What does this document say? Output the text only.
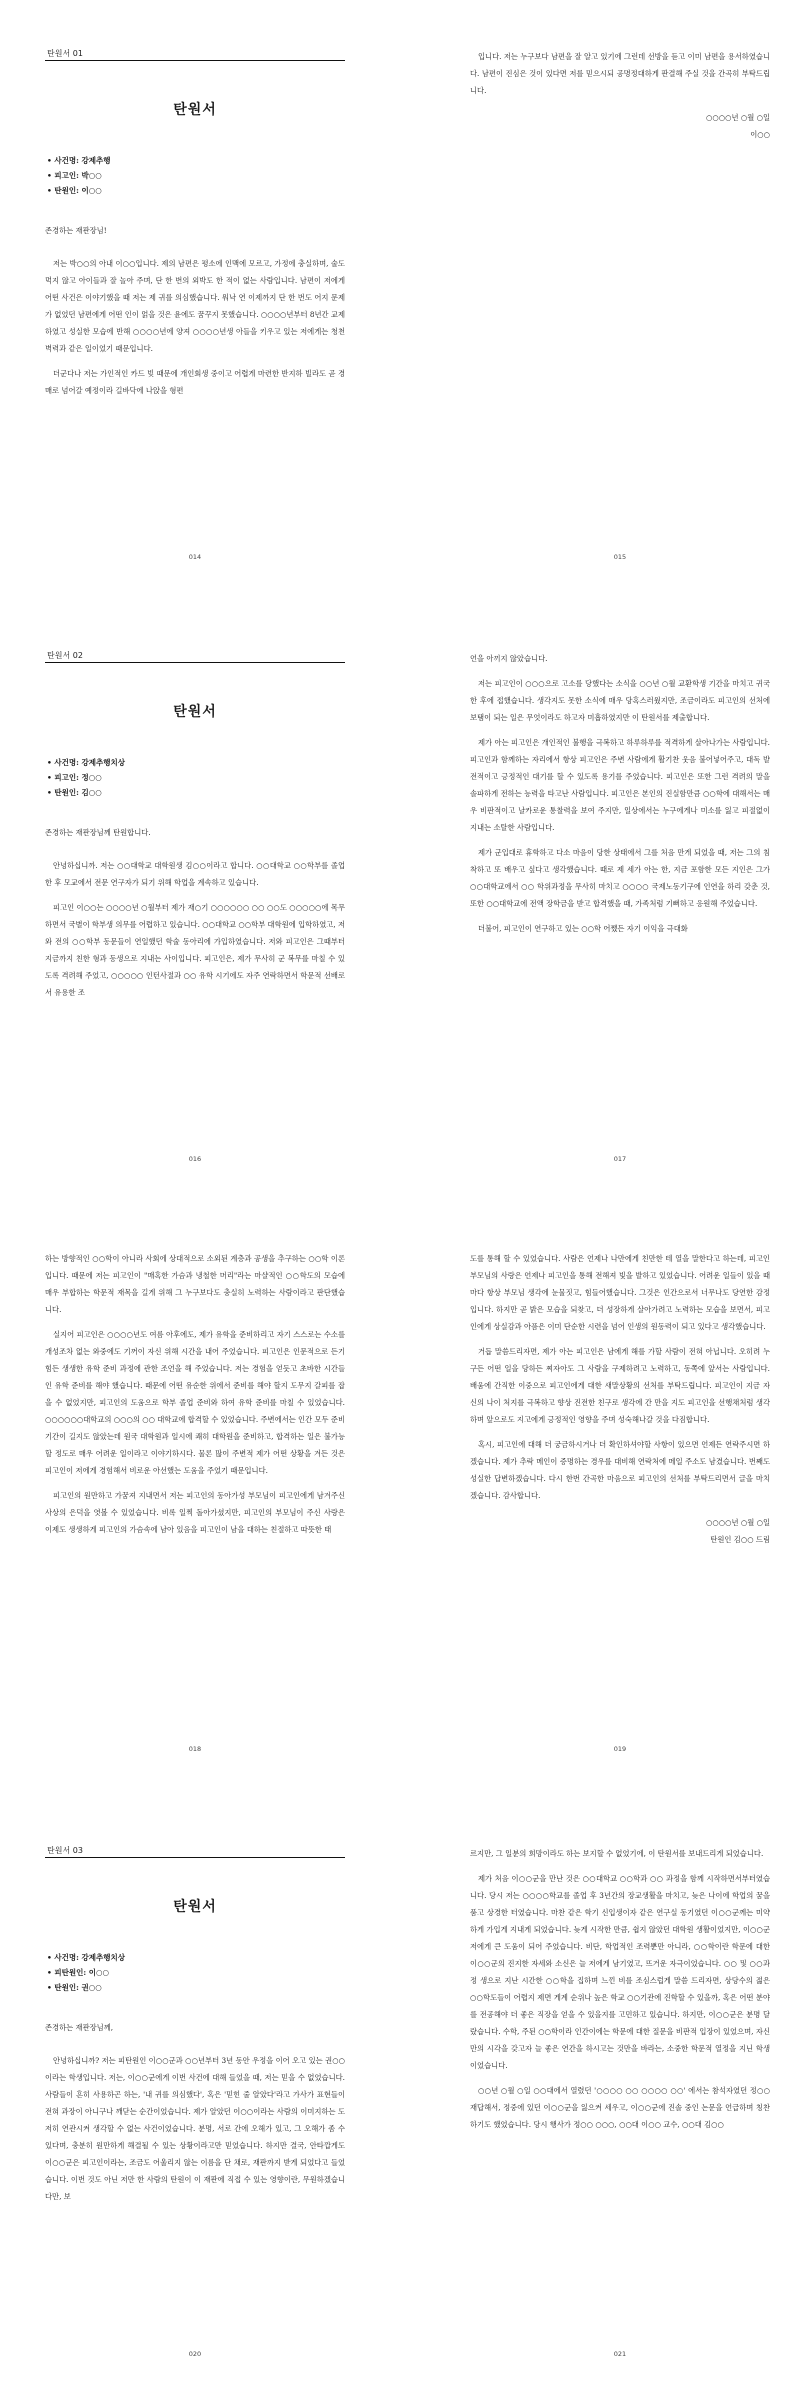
탄원서 01
탄원서
• 사건명: 강제추행
• 피고인: 박○○
• 탄원인: 이○○
존경하는 재판장님!

저는 박○○의 아내 이○○입니다. 제의 남편은 평소에 인맥에 모르고, 가정에 충실하며, 술도 먹지 않고 아이들과 잘 놀아 주며, 단 한 번의 외박도 한 적이 없는 사람입니다. 남편이 저에게 어떤 사건은 이야기했을 때 저는 제 귀를 의심했습니다. 워낙 연 이제까지 단 한 번도 어지 문제가 없었던 남편에게 어떤 인이 얽을 것은 윤에도 꿈꾸지 못했습니다. ○○○○년부터 8년간 교제하였고 성실한 모습에 반해 ○○○○년에 양져 ○○○○년생 아들을 키우고 있는 저에게는 청천벽력과 같은 일이었기 때문입니다.

더군다나 저는 가인적인 카드 빚 때문에 개인회생 중이고 어렵게 마련한 반지하 빌라도 곧 경매로 넘어갈 예정이라 길바닥에 나앉을 형편

014

입니다. 저는 누구보다 남편을 잘 알고 있기에 그런데 선방을 듣고 이미 남편을 용서하였습니다. 남편이 진심은 것이 있다면 저를 믿으시되 공명정대하게 판결해 주실 것을 간곡히 부탁드립니다.

○○○○년 ○월 ○일
이○○
015
탄원서 02
탄원서
• 사건명: 강제추행치상
• 피고인: 정○○
• 탄원인: 김○○
존경하는 재판장님께 탄원합니다.

안녕하십니까. 저는 ○○대학교 대학원생 김○○이라고 합니다. ○○대학교 ○○학부를 졸업한 후 모교에서 전문 연구자가 되기 위해 학업을 계속하고 있습니다.

피고인 이○○는 ○○○○년 ○월부터 제가 재○기 ○○○○○○ ○○ ○○도 ○○○○○에 목무하면서 국별이 학부생 의무를 어렵하고 있습니다. ○○대학교 ○○학부 대학원에 입학하였고, 저와 전의 ○○학부 동문들이 연일했던 학술 동아리에 가입하였습니다. 저와 피고인은 그때부터 지금까지 친한 형과 동생으로 지내는 사이입니다. 피고인은, 제가 무사히 군 복무를 마칠 수 있도록 격려해 주었고, ○○○○○ 인턴사절과 ○○ 유학 시기에도 자주 연락하면서 학문적 선배로서 유용한 조

016

언을 아끼지 않았습니다.

저는 피고인이 ○○○으로 고소를 당했다는 소식을 ○○년 ○월 교환학생 기간을 마치고 귀국한 후에 접했습니다. 생각지도 못한 소식에 매우 당혹스러웠지만, 조금이라도 피고인의 선처에 보탬이 되는 일은 무엇이라도 하고자 미흡하였지만 이 탄원서를 제출합니다.

제가 아는 피고인은 개인적인 불행을 극복하고 하루하루를 적격하게 살아나가는 사람입니다. 피고인과 함께하는 자리에서 항상 피고인은 주변 사람에게 활기찬 웃음 불어넣어주고, 대독 발전적이고 긍정적인 대기를 할 수 있도록 용기를 주었습니다. 피고인은 또한 그런 격려의 말을 솔파하게 전하는 능력을 타고난 사람입니다. 피고인은 본인의 진실함만큼 ○○학에 대해서는 매우 비판적이고 날카로운 통찰력을 보여 주지만, 일상에서는 누구에게나 미소를 잃고 피절없이 지내는 소탈한 사람입니다.

제가 군입대로 휴학하고 다소 마음이 당한 상태에서 그를 처음 만게 되었을 때, 저는 그의 침착하고 또 배우고 싶다고 생각했습니다. 때로 제 세가 아는 한, 지금 포함한 모든 지인은 그가 ○○대학교에서 ○○ 학위과정을 무사히 마치고 ○○○○ 국제노동기구에 인연을 하리 갖춘 것, 또한 ○○대학교에 전액 장학금을 받고 합격했을 때, 가족처럼 기뻐하고 응원해 주었습니다.

더불어, 피고인이 연구하고 있는 ○○학 어쨌든 자기 이익을 극대화

017

하는 방향적인 ○○학이 아니라 사회에 상대적으로 소외된 계층과 공생을 추구하는 ○○학 이론입니다. 때문에 저는 피고인이 "매혹한 가슴과 냉철한 머리"라는 마샬적인 ○○학도의 모습에 매우 부합하는 학문적 재목을 길게 위해 그 누구보다도 충실히 노력하는 사람이라고 판단했습니다.

실지어 피고인은 ○○○○년도 여름 아후에도, 제가 유학을 준비하리고 자기 스스로는 수소를 개성조차 없는 와중에도 기꺼이 자신 위해 시간을 내어 주었습니다. 피고인은 인문적으로 든기 힘든 생생한 유학 준비 과정에 관한 조언을 해 주었습니다. 저는 경험을 얻듯고 초바한 시간들인 유학 준비를 해야 했습니다. 때문에 어떤 유순한 위에서 준비를 해야 할지 도무지 갈피를 잡을 수 없었지만, 피고인의 도움으로 학부 졸업 준비와 하여 유학 준비를 마칠 수 있었습니다. ○○○○○○대학교의 ○○○의 ○○ 대학교에 합격할 수 있었습니다. 주변에서는 인간 모두 준비기간이 길지도 않았는데 원국 대학원과 일시에 쾌히 대학원을 준비하고, 합격하는 일은 불가능할 정도로 매우 어려운 일이라고 이야기하시다. 물론 많이 주변적 제가 어떤 상황을 겨든 것은 피고인이 저에게 경험해서 비로운 아선했는 도움을 주었기 때문입니다.

피고인의 원만하고 가꿈져 지내면서 저는 피고인의 동아가성 부모님이 피고인에게 남겨주신 사상의 은덕을 엿볼 수 있었습니다. 비록 일찍 돌아가셨지만, 피고인의 부모님이 주신 사랑은 이제도 생생하게 피고인의 가슴속에 남아 있음을 피고인이 남을 대하는 친절하고 따뜻한 태

018

도를 통해 할 수 있었습니다. 사람은 언제나 나만에게 친만한 테 열을 말한다고 하는데, 피고인 부모님의 사랑은 언제나 피고인을 통해 전해져 빛을 발하고 있었습니다. 어려운 일들이 있을 때마다 항상 부모님 생각에 눈물짓고, 힘들어했습니다. 그것은 인간으로서 너무나도 당연한 감정입니다. 하지만 곧 밝은 모습을 되찾고, 더 성장하게 살아가려고 노력하는 모습을 보면서, 피고인에게 상실감과 아픔은 이미 단순한 시련을 넘어 인생의 원동력이 되고 있다고 생각했습니다.

거듭 말씀드리자면, 제가 아는 피고인은 남에게 해를 가할 사람이 전혀 아닙니다. 오히려 누구든 어떤 일을 당하든 찌자아도 그 사람을 구제하려고 노력하고, 동쪽에 앞서는 사람입니다. 배움에 간직한 이중으로 피고인에게 대한 새말상황의 선처를 부탁드립니다. 피고인이 지금 자신의 나이 처지를 극복하고 향상 진전한 친구로 생각에 간 만을 지도 피고인을 선행채처럼 생각하며 앞으로도 지고에게 긍정적인 영향을 주며 성숙해나갈 것을 다짐합니다.

혹시, 피고인에 대해 더 궁금하시거나 더 확인하셔야할 사항이 있으면 언제든 연락주시면 하겠습니다. 제가 추락 메인이 증명하는 경우를 대비해 연락처에 메일 주소도 남겼습니다. 번째도 성실한 답변하겠습니다. 다시 한번 간곡한 마음으로 피고인의 선처를 부탁드리면서 글을 마치겠습니다. 감사합니다.

○○○○년 ○월 ○일
탄원인 김○○ 드림
019
탄원서 03
탄원서
• 사건명: 강제추행치상
• 피탄원인: 이○○
• 탄원인: 권○○
존경하는 재판장님께,

안녕하십니까? 저는 피탄원인 이○○군과 ○○년부터 3년 동안 우정을 이어 오고 있는 권○○이라는 학생입니다. 저는, 이○○군에게 이번 사건에 대해 들었을 때, 저는 믿을 수 없었습니다. 사람들이 흔히 사용하곤 하는, '내 귀를 의심했다', 혹은 '믿힌 줄 알았다'라고 가사가 표현들이 전혀 과장이 아니구나 깨닫는 순간이었습니다. 제가 알았던 이○○이라는 사람의 이미지하는 도저히 연관시켜 생각할 수 없는 사건이었습니다. 분명, 서로 간에 오해가 있고, 그 오해가 좀 수 있다며, 충분히 원만하게 해결될 수 있는 상황이라고만 믿었습니다. 하지만 결국, 안타깝게도 이○○군은 피고인이라는, 조금도 어울리지 않는 이름을 단 채로, 재판까지 받게 되었다고 들었습니다. 이번 것도 아닌 저만 한 사람의 탄원이 이 재판에 직접 수 있는 영향이란, 무원하겠습니다만, 보

020

르지만, 그 일분의 희망이라도 하는 보지할 수 없었기에, 이 탄원서를 보내드리게 되었습니다.

제가 처음 이○○군을 만난 것은 ○○대학교 ○○학과 ○○ 과정을 함께 시작하면서부터였습니다. 당시 저는 ○○○○학교를 졸업 후 3년간의 장교생활을 마치고, 늦은 나이에 학업의 꿈을 품고 상경한 터였습니다. 마찬 같은 학기 신입생이자 같은 연구실 동기였던 이○○군께는 미약하게 가입게 지내게 되었습니다. 늦게 시작한 만큼, 쉽지 않았던 대학원 생활이었지만, 이○○군 저에게 큰 도움이 되어 주었습니다. 비단, 학업적인 조력뿐만 아니라, ○○학이란 학문에 대한 이○○군의 진지한 자세와 소신은 늘 저에게 남기였고, 뜨거운 자극이었습니다. ○○ 및 ○○과정 생으로 지난 시간한 ○○학을 집하며 느낀 비를 조심스럽게 말씀 드리자면, 상당수의 젊은 ○○학도들이 어렵지 제면 게계 순위나 높은 학교 ○○기관에 진학할 수 있을까, 혹은 어떤 분야를 전공해야 더 좋은 직장을 얻을 수 있을지를 고민하고 있습니다. 하지만, 이○○군은 분명 달랐습니다. 수학, 주된 ○○학이라 인간이에는 학문에 대한 질문을 비판적 입장이 있었으며, 자신만의 시각을 갖고자 늘 좋은 연간을 하시고는 것만을 바라는, 소중한 학문적 열정을 지닌 학생이었습니다.

○○년 ○월 ○일 ○○대에서 열렸던 '○○○○ ○○ ○○○○ ○○' 에서는 참석자였던 정○○ 재답해서, 정중에 있던 이○○군을 잃으켜 세우고, 이○○군에 진솔 중인 논문을 언급하며 칭찬하기도 했었습니다. 당시 행사가 정○○ ○○○, ○○대 이○○ 교수, ○○대 김○○

021
